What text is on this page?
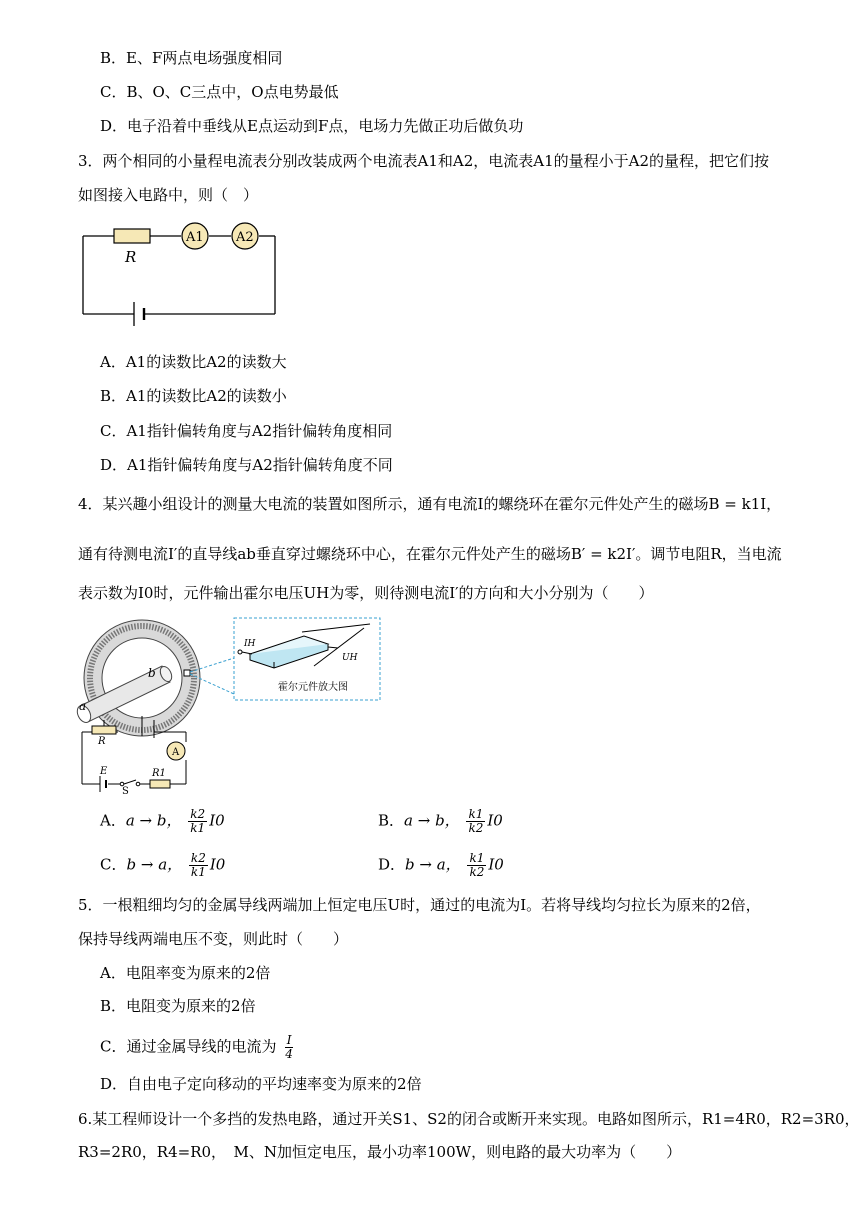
B．E、F两点电场强度相同
C．B、O、C三点中，O点电势最低
D．电子沿着中垂线从E点运动到F点，电场力先做正功后做负功
3．两个相同的小量程电流表分别改装成两个电流表A1和A2，电流表A1的量程小于A2的量程，把它们按
如图接入电路中，则（　）
R
A1 A2
A．A1的读数比A2的读数大
B．A1的读数比A2的读数小
C．A1指针偏转角度与A2指针偏转角度相同
D．A1指针偏转角度与A2指针偏转角度不同
4．某兴趣小组设计的测量大电流的装置如图所示，通有电流I的螺绕环在霍尔元件处产生的磁场B = k1I，
通有待测电流I′的直导线ab垂直穿过螺绕环中心，在霍尔元件处产生的磁场B′ = k2I′。调节电阻R，当电流
表示数为I0时，元件输出霍尔电压UH为零，则待测电流I′的方向和大小分别为（　　）
a
b
IH
UH
霍尔元件放大图
R
A
E
S
R1
A．a → b， $\frac{k2}{k1} I0$	B．a → b， $\frac{k1}{k2} I0$
C．b → a， $\frac{k2}{k1} I0$	D．b → a， $\frac{k1}{k2} I0$
5．一根粗细均匀的金属导线两端加上恒定电压U时，通过的电流为I。若将导线均匀拉长为原来的2倍，
保持导线两端电压不变，则此时（　　）
A．电阻率变为原来的2倍
B．电阻变为原来的2倍
C．通过金属导线的电流为 $\frac{I}{4}$
D．自由电子定向移动的平均速率变为原来的2倍
6.某工程师设计一个多挡的发热电路，通过开关S1、S2的闭合或断开来实现。电路如图所示，R1=4R0，R2=3R0，
R3=2R0，R4=R0，　M、N加恒定电压，最小功率100W，则电路的最大功率为（　　）
